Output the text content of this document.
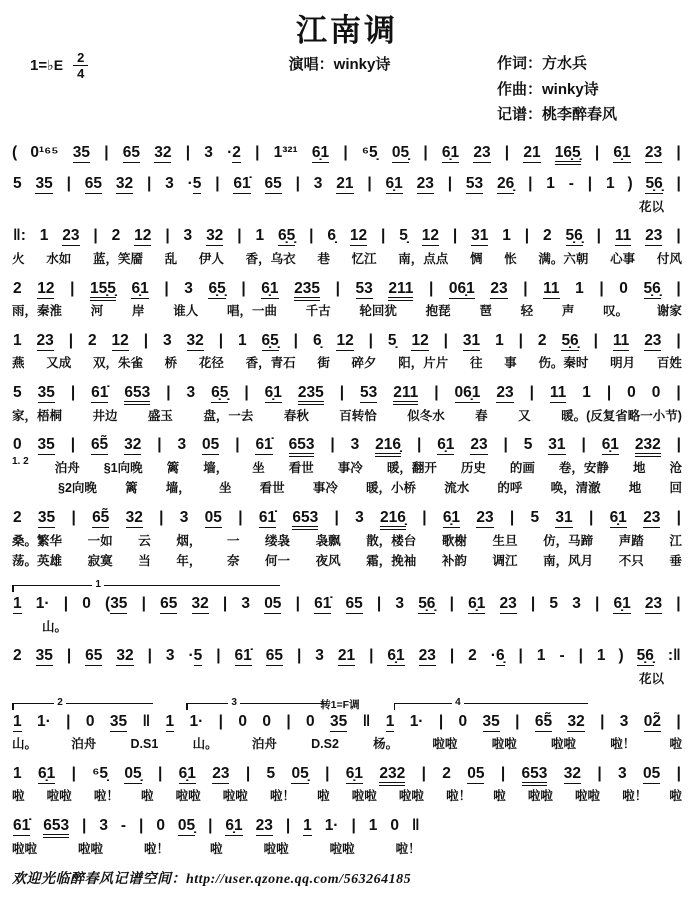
江南调
1=♭E $\frac{2}{4}$	演唱：winky诗	作词：方水兵
作曲：winky诗
记谱：桃李醉春风
( 0¹⁶⁵ 35 | 65 32 | 3 ·2 | 1³²¹ 6̣1 | ⁶5̣ 05̣ | 6̣1 23 | 21 16̣5̣ | 6̣1 23 |
5 35 | 65 32 | 3 ·5 | 61̇ 65 | 3 21 | 6̣1 23 | 53 26̣ | 1 - | 1 ) 5̣6̣ |
花以
‖: 1 23 | 2 12 | 3 32 | 1 6̣5̣ | 6̣ 12 | 5̣ 12 | 31 1 | 2 5̣6̣ | 11 23 |
火 水如 蓝，笑靥 乱 伊人 香，乌衣 巷 忆江 南，点点 惆 怅 满。六朝 心事 付风
2 12 | 15̣5̣ 6̣1 | 3 6̣5̣ | 6̣1 235 | 53 211 | 06̣1 23 | 11 1 | 0 5̣6̣ |
雨，秦淮 河 岸 谁人 唱，一曲 千古 轮回犹 抱琵 琶 轻 声 叹。 谢家
1 23 | 2 12 | 3 32 | 1 6̣5̣ | 6̣ 12 | 5̣ 12 | 31 1 | 2 5̣6̣ | 11 23 |
燕 又成 双，朱雀 桥 花径 香，青石 街 碎夕 阳，片片 往 事 伤。秦时 明月 百姓
5 35 | 61̇ 653 | 3 6̣5̣ | 6̣1 235 | 53 211 | 06̣1 23 | 11 1 | 0 0 |
家，梧桐 井边 盛玉 盘，一去 春秋 百转恰 似冬水 春 又 暖。(反复省略一小节)
0 35 | 65̃ 32 | 3 05 | 61̇ 653 | 3 216̣ | 6̣1 23 | 5 31 | 6̣1 232 |
1. 2 泊舟 §1向晚 篱 墙， 坐 看世 事冷 暖，翻开 历史 的画 卷，安静 地 沧
§2向晚 篱 墙， 坐 看世 事冷 暖，小桥 流水 的呼 唤，清澈 地 回
2 35 | 65̃ 32 | 3 05 | 61̇ 653 | 3 216̣ | 6̣1 23 | 5 31 | 6̣1 23 |
桑。繁华 一如 云 烟， 一 缕袅 袅飘 散，楼台 歌榭 生旦 仿，马蹄 声踏 江
荡。英雄 寂寞 当 年， 奈 何一 夜风 霜，挽袖 补韵 调江 南，风月 不只 垂
1
1 1· | 0 (35 | 65 32 | 3 05 | 61̇ 65 | 3 5̣6̣ | 6̣1 23 | 5 3 | 6̣1 23 |
山。
2 35 | 65 32 | 3 ·5 | 61̇ 65 | 3 21 | 6̣1 23 | 2 ·6̣ | 1 - | 1 ) 5̣6̣ :‖
花以
2	3	转1=F调	4
1 1· | 0 35 ‖ 1 1· | 0 0 | 0 35 ‖ 1 1· | 0 35 | 65̃ 32 | 3 02̃ |
山。	泊舟	D.S1	山。	泊舟	D.S2	杨。	啦啦	啦啦	啦啦	啦！	啦
1 6̣1 | ⁶5̣ 05̣ | 6̣1 23 | 5 05̣ | 6̣1 232 | 2 05 | 653 32 | 3 05 |
啦 啦啦 啦！ 啦 啦啦 啦啦 啦！ 啦 啦啦 啦啦 啦！ 啦 啦啦 啦啦 啦！ 啦
61̇ 653 | 3 - | 0 05̣ | 6̣1 23 | 1 1· | 1 0 ‖
啦啦	啦啦	啦！	啦	啦啦	啦啦	啦！
欢迎光临醉春风记谱空间：http://user.qzone.qq.com/563264185
